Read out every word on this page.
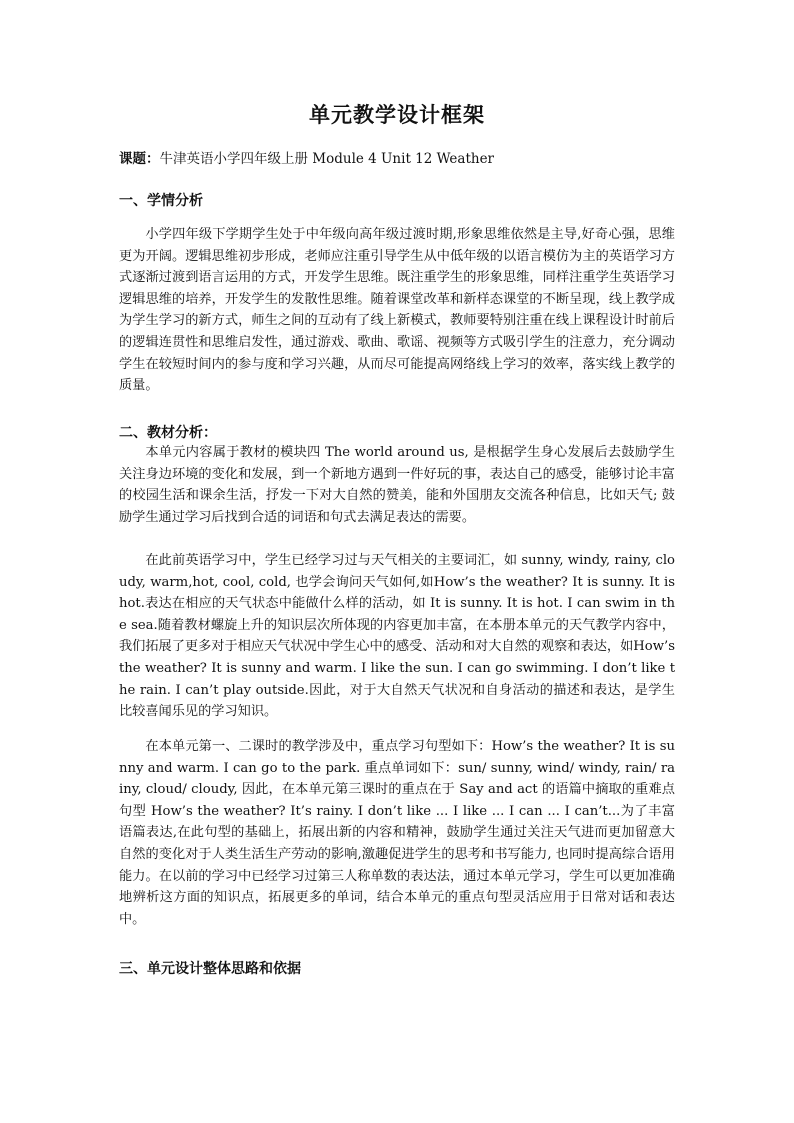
单元教学设计框架
课题：牛津英语小学四年级上册 Module 4 Unit 12 Weather
一、学情分析

小学四年级下学期学生处于中年级向高年级过渡时期,形象思维依然是主导,好奇心强，思维更为开阔。逻辑思维初步形成，老师应注重引导学生从中低年级的以语言模仿为主的英语学习方式逐渐过渡到语言运用的方式，开发学生思维。既注重学生的形象思维，同样注重学生英语学习逻辑思维的培养，开发学生的发散性思维。随着课堂改革和新样态课堂的不断呈现，线上教学成为学生学习的新方式，师生之间的互动有了线上新模式，教师要特别注重在线上课程设计时前后的逻辑连贯性和思维启发性，通过游戏、歌曲、歌谣、视频等方式吸引学生的注意力，充分调动学生在较短时间内的参与度和学习兴趣，从而尽可能提高网络线上学习的效率，落实线上教学的质量。

二、教材分析：

本单元内容属于教材的模块四 The world around us, 是根据学生身心发展后去鼓励学生关注身边环境的变化和发展，到一个新地方遇到一件好玩的事，表达自己的感受，能够讨论丰富的校园生活和课余生活，抒发一下对大自然的赞美，能和外国朋友交流各种信息，比如天气; 鼓励学生通过学习后找到合适的词语和句式去满足表达的需要。

在此前英语学习中，学生已经学习过与天气相关的主要词汇，如 sunny, windy, rainy, cloudy, warm,hot, cool, cold, 也学会询问天气如何,如How’s the weather? It is sunny. It is hot.表达在相应的天气状态中能做什么样的活动，如 It is sunny. It is hot. I can swim in the sea.随着教材螺旋上升的知识层次所体现的内容更加丰富，在本册本单元的天气教学内容中，我们拓展了更多对于相应天气状况中学生心中的感受、活动和对大自然的观察和表达，如How’s the weather? It is sunny and warm. I like the sun. I can go swimming. I don’t like the rain. I can’t play outside.因此，对于大自然天气状况和自身活动的描述和表达，是学生比较喜闻乐见的学习知识。

在本单元第一、二课时的教学涉及中，重点学习句型如下：How’s the weather? It is sunny and warm. I can go to the park. 重点单词如下：sun/ sunny, wind/ windy, rain/ rainy, cloud/ cloudy, 因此，在本单元第三课时的重点在于 Say and act 的语篇中摘取的重难点句型 How’s the weather? It’s rainy. I don’t like ... I like ... I can ... I can’t...为了丰富语篇表达,在此句型的基础上，拓展出新的内容和精神，鼓励学生通过关注天气进而更加留意大自然的变化对于人类生活生产劳动的影响,激趣促进学生的思考和书写能力, 也同时提高综合语用能力。在以前的学习中已经学习过第三人称单数的表达法，通过本单元学习，学生可以更加准确地辨析这方面的知识点，拓展更多的单词，结合本单元的重点句型灵活应用于日常对话和表达中。

三、单元设计整体思路和依据
